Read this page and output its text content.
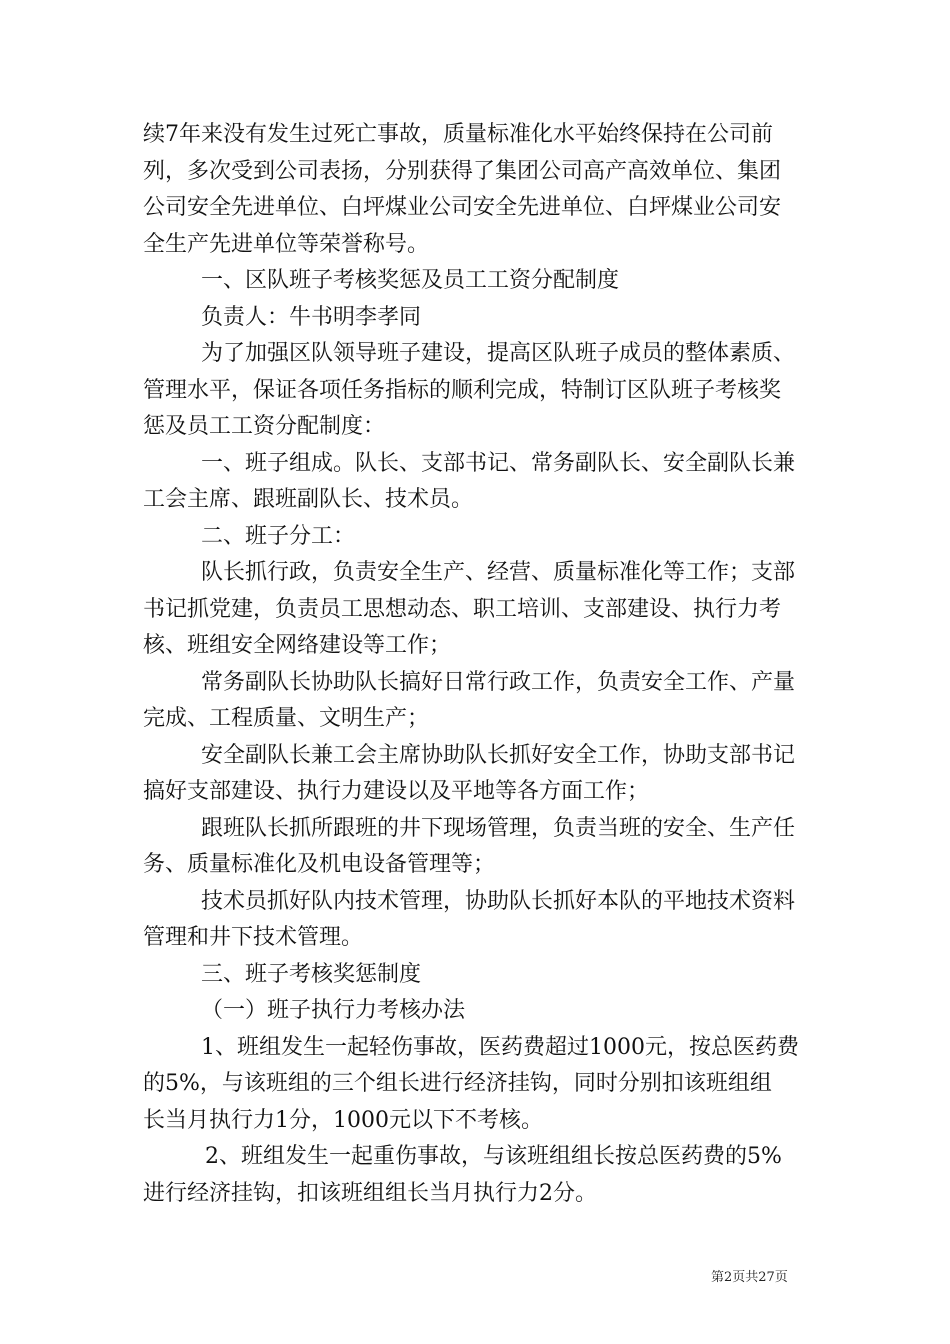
续7年来没有发生过死亡事故，质量标准化水平始终保持在公司前
列，多次受到公司表扬，分别获得了集团公司高产高效单位、集团
公司安全先进单位、白坪煤业公司安全先进单位、白坪煤业公司安
全生产先进单位等荣誉称号。
一、区队班子考核奖惩及员工工资分配制度
负责人：牛书明李孝同
为了加强区队领导班子建设，提高区队班子成员的整体素质、
管理水平，保证各项任务指标的顺利完成，特制订区队班子考核奖
惩及员工工资分配制度：
一、班子组成。队长、支部书记、常务副队长、安全副队长兼
工会主席、跟班副队长、技术员。
二、班子分工：
队长抓行政，负责安全生产、经营、质量标准化等工作；支部
书记抓党建，负责员工思想动态、职工培训、支部建设、执行力考
核、班组安全网络建设等工作；
常务副队长协助队长搞好日常行政工作，负责安全工作、产量
完成、工程质量、文明生产；
安全副队长兼工会主席协助队长抓好安全工作，协助支部书记
搞好支部建设、执行力建设以及平地等各方面工作；
跟班队长抓所跟班的井下现场管理，负责当班的安全、生产任
务、质量标准化及机电设备管理等；
技术员抓好队内技术管理，协助队长抓好本队的平地技术资料
管理和井下技术管理。
三、班子考核奖惩制度
（一）班子执行力考核办法
1、班组发生一起轻伤事故，医药费超过1000元，按总医药费
的5%，与该班组的三个组长进行经济挂钩，同时分别扣该班组组
长当月执行力1分，1000元以下不考核。
2、班组发生一起重伤事故，与该班组组长按总医药费的5%
进行经济挂钩，扣该班组组长当月执行力2分。
第2页共27页
